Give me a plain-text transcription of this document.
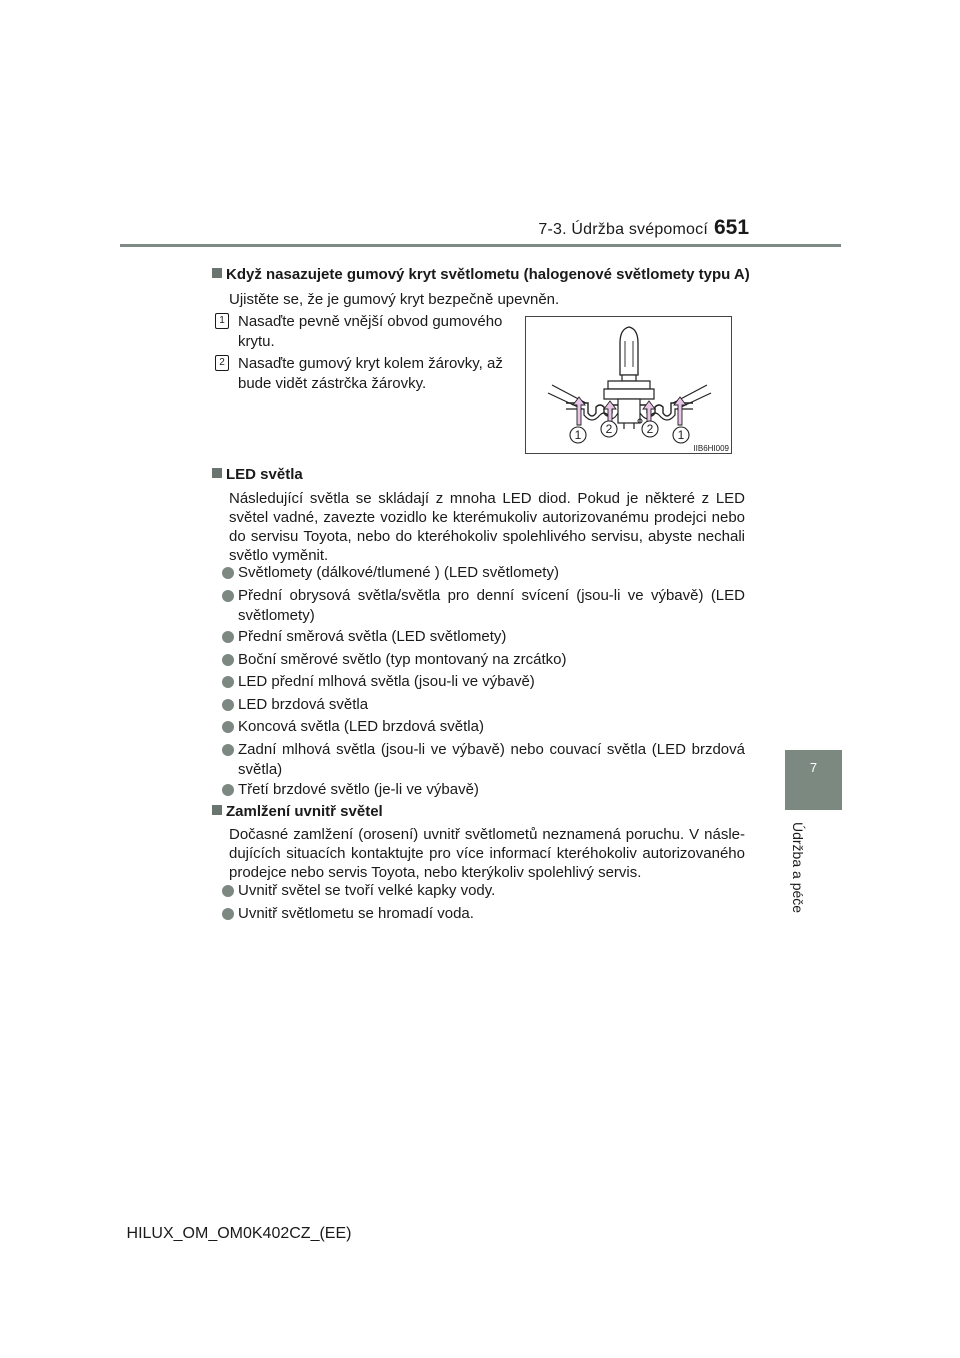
7-3. Údržba svépomocí 651
7
Údržba a péče
Když nasazujete gumový kryt světlometu (halogenové světlomety typu A)
Ujistěte se, že je gumový kryt bezpečně upevněn.
1 Nasaďte pevně vnější obvod gumového krytu.
2 Nasaďte gumový kryt kolem žárovky, až bude vidět zástrčka žárovky.
1 2	2 1
IIB6HI009
LED světla
Následující světla se skládají z mnoha LED diod. Pokud je některé z LED světel vadné, zavezte vozidlo ke kterémukoliv autorizovanému prodejci nebo do servisu Toyota, nebo do kteréhokoliv spolehlivého servisu, abyste nechali světlo vyměnit.
Světlomety (dálkové/tlumené ) (LED světlomety)
Přední obrysová světla/světla pro denní svícení (jsou-li ve výbavě) (LED světlomety)
Přední směrová světla (LED světlomety)
Boční směrové světlo (typ montovaný na zrcátko)
LED přední mlhová světla (jsou-li ve výbavě)
LED brzdová světla
Koncová světla (LED brzdová světla)
Zadní mlhová světla (jsou-li ve výbavě) nebo couvací světla (LED brzdová světla)
Třetí brzdové světlo (je-li ve výbavě)
Zamlžení uvnitř světel
Dočasné zamlžení (orosení) uvnitř světlometů neznamená poruchu. V násle- dujících situacích kontaktujte pro více informací kteréhokoliv autorizovaného prodejce nebo servis Toyota, nebo kterýkoliv spolehlivý servis.
Uvnitř světel se tvoří velké kapky vody.
Uvnitř světlometu se hromadí voda.
HILUX_OM_OM0K402CZ_(EE)
